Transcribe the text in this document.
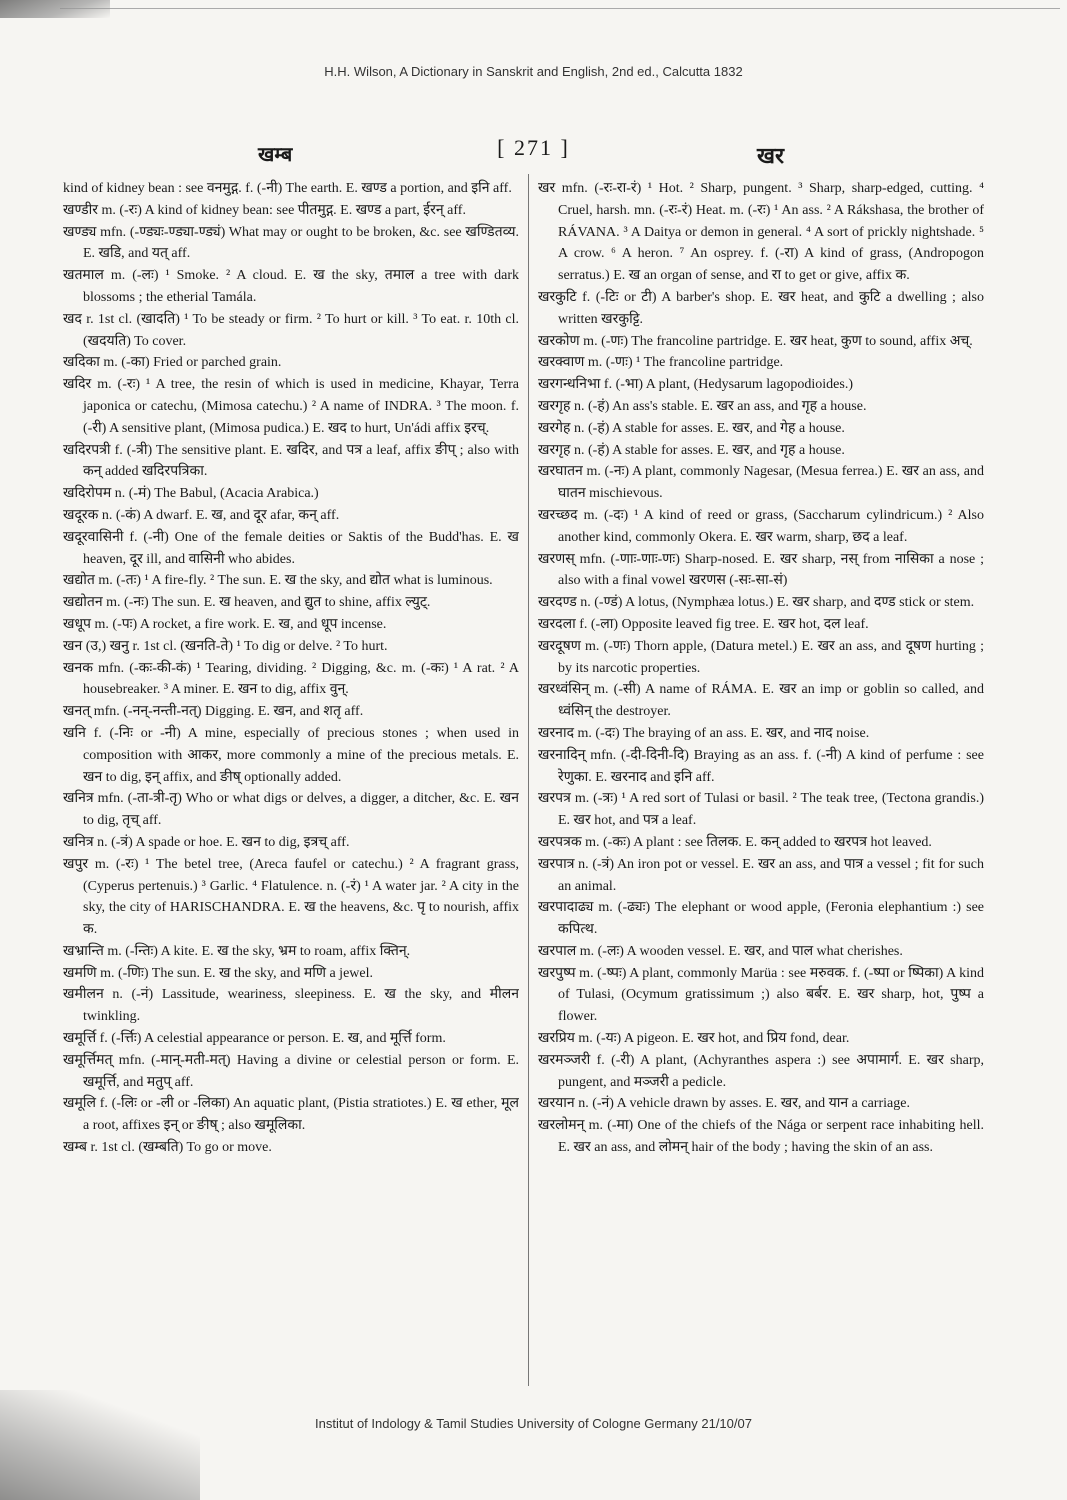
H.H. Wilson, A Dictionary in Sanskrit and English, 2nd ed., Calcutta 1832
खम्ब	[ 271 ]	खर

kind of kidney bean : see वनमुद्ग. f. (-नी) The earth. E. खण्ड a portion, and इनि aff.

खण्डीर m. (-रः) A kind of kidney bean: see पीतमुद्ग. E. खण्ड a part, ईरन् aff.

खण्ड्य mfn. (-ण्ड्यः-ण्ड्या-ण्ड्यं) What may or ought to be broken, &c. see खण्डितव्य. E. खडि, and यत् aff.

खतमाल m. (-लः) ¹ Smoke. ² A cloud. E. ख the sky, तमाल a tree with dark blossoms ; the etherial Tamála.

खद r. 1st cl. (खादति) ¹ To be steady or firm. ² To hurt or kill. ³ To eat. r. 10th cl. (खदयति) To cover.

खदिका m. (-का) Fried or parched grain.

खदिर m. (-रः) ¹ A tree, the resin of which is used in medicine, Khayar, Terra japonica or catechu, (Mimosa catechu.) ² A name of INDRA. ³ The moon. f. (-री) A sensitive plant, (Mimosa pudica.) E. खद to hurt, Un'ádi affix इरच्.

खदिरपत्री f. (-त्री) The sensitive plant. E. खदिर, and पत्र a leaf, affix ङीप् ; also with कन् added खदिरपत्रिका.

खदिरोपम n. (-मं) The Babul, (Acacia Arabica.)

खदूरक n. (-कं) A dwarf. E. ख, and दूर afar, कन् aff.

खदूरवासिनी f. (-नी) One of the female deities or Saktis of the Budd'has. E. ख heaven, दूर ill, and वासिनी who abides.

खद्योत m. (-तः) ¹ A fire-fly. ² The sun. E. ख the sky, and द्योत what is luminous.

खद्योतन m. (-नः) The sun. E. ख heaven, and द्युत to shine, affix ल्युट्.

खधूप m. (-पः) A rocket, a fire work. E. ख, and धूप incense.

खन (उ,) खनु r. 1st cl. (खनति-ते) ¹ To dig or delve. ² To hurt.

खनक mfn. (-कः-की-कं) ¹ Tearing, dividing. ² Digging, &c. m. (-कः) ¹ A rat. ² A housebreaker. ³ A miner. E. खन to dig, affix वुन्.

खनत् mfn. (-नन्-नन्ती-नत्) Digging. E. खन, and शतृ aff.

खनि f. (-निः or -नी) A mine, especially of precious stones ; when used in composition with आकर, more commonly a mine of the precious metals. E. खन to dig, इन् affix, and ङीष् optionally added.

खनित्र mfn. (-ता-त्री-तृ) Who or what digs or delves, a digger, a ditcher, &c. E. खन to dig, तृच् aff.

खनित्र n. (-त्रं) A spade or hoe. E. खन to dig, इत्रच् aff.

खपुर m. (-रः) ¹ The betel tree, (Areca faufel or catechu.) ² A fragrant grass, (Cyperus pertenuis.) ³ Garlic. ⁴ Flatulence. n. (-रं) ¹ A water jar. ² A city in the sky, the city of HARISCHANDRA. E. ख the heavens, &c. पृ to nourish, affix क.

खभ्रान्ति m. (-न्तिः) A kite. E. ख the sky, भ्रम to roam, affix क्तिन्.

खमणि m. (-णिः) The sun. E. ख the sky, and मणि a jewel.

खमीलन n. (-नं) Lassitude, weariness, sleepiness. E. ख the sky, and मीलन twinkling.

खमूर्त्ति f. (-र्त्तिः) A celestial appearance or person. E. ख, and मूर्त्ति form.

खमूर्त्तिमत् mfn. (-मान्-मती-मत्) Having a divine or celestial person or form. E. खमूर्त्ति, and मतुप् aff.

खमूलि f. (-लिः or -ली or -लिका) An aquatic plant, (Pistia stratiotes.) E. ख ether, मूल a root, affixes इन् or ङीष् ; also खमूलिका.

खम्ब r. 1st cl. (खम्बति) To go or move.

खर mfn. (-रः-रा-रं) ¹ Hot. ² Sharp, pungent. ³ Sharp, sharp-edged, cutting. ⁴ Cruel, harsh. mn. (-रः-रं) Heat. m. (-रः) ¹ An ass. ² A Rákshasa, the brother of RÁVANA. ³ A Daitya or demon in general. ⁴ A sort of prickly nightshade. ⁵ A crow. ⁶ A heron. ⁷ An osprey. f. (-रा) A kind of grass, (Andropogon serratus.) E. ख an organ of sense, and रा to get or give, affix क.

खरकुटि f. (-टिः or टी) A barber's shop. E. खर heat, and कुटि a dwelling ; also written खरकुट्टि.

खरकोण m. (-णः) The francoline partridge. E. खर heat, कुण to sound, affix अच्.

खरक्वाण m. (-णः) ¹ The francoline partridge.

खरगन्धनिभा f. (-भा) A plant, (Hedysarum lagopodioides.)

खरगृह n. (-हं) An ass's stable. E. खर an ass, and गृह a house.

खरगेह n. (-हं) A stable for asses. E. खर, and गेह a house.

खरगृह n. (-हं) A stable for asses. E. खर, and गृह a house.

खरघातन m. (-नः) A plant, commonly Nagesar, (Mesua ferrea.) E. खर an ass, and घातन mischievous.

खरच्छद m. (-दः) ¹ A kind of reed or grass, (Saccharum cylindricum.) ² Also another kind, commonly Okera. E. खर warm, sharp, छद a leaf.

खरणस् mfn. (-णाः-णाः-णः) Sharp-nosed. E. खर sharp, नस् from नासिका a nose ; also with a final vowel खरणस (-सः-सा-सं)

खरदण्ड n. (-ण्डं) A lotus, (Nymphæa lotus.) E. खर sharp, and दण्ड stick or stem.

खरदला f. (-ला) Opposite leaved fig tree. E. खर hot, दल leaf.

खरदूषण m. (-णः) Thorn apple, (Datura metel.) E. खर an ass, and दूषण hurting ; by its narcotic properties.

खरध्वंसिन् m. (-सी) A name of RÁMA. E. खर an imp or goblin so called, and ध्वंसिन् the destroyer.

खरनाद m. (-दः) The braying of an ass. E. खर, and नाद noise.

खरनादिन् mfn. (-दी-दिनी-दि) Braying as an ass. f. (-नी) A kind of perfume : see रेणुका. E. खरनाद and इनि aff.

खरपत्र m. (-त्रः) ¹ A red sort of Tulasi or basil. ² The teak tree, (Tectona grandis.) E. खर hot, and पत्र a leaf.

खरपत्रक m. (-कः) A plant : see तिलक. E. कन् added to खरपत्र hot leaved.

खरपात्र n. (-त्रं) An iron pot or vessel. E. खर an ass, and पात्र a vessel ; fit for such an animal.

खरपादाढ्य m. (-ढ्यः) The elephant or wood apple, (Feronia elephantium :) see कपित्थ.

खरपाल m. (-लः) A wooden vessel. E. खर, and पाल what cherishes.

खरपुष्प m. (-ष्पः) A plant, commonly Marüa : see मरुवक. f. (-ष्पा or ष्पिका) A kind of Tulasi, (Ocymum gratissimum ;) also बर्बर. E. खर sharp, hot, पुष्प a flower.

खरप्रिय m. (-यः) A pigeon. E. खर hot, and प्रिय fond, dear.

खरमञ्जरी f. (-री) A plant, (Achyranthes aspera :) see अपामार्ग. E. खर sharp, pungent, and मञ्जरी a pedicle.

खरयान n. (-नं) A vehicle drawn by asses. E. खर, and यान a carriage.

खरलोमन् m. (-मा) One of the chiefs of the Nága or serpent race inhabiting hell. E. खर an ass, and लोमन् hair of the body ; having the skin of an ass.

Institut of Indology & Tamil Studies University of Cologne Germany 21/10/07
